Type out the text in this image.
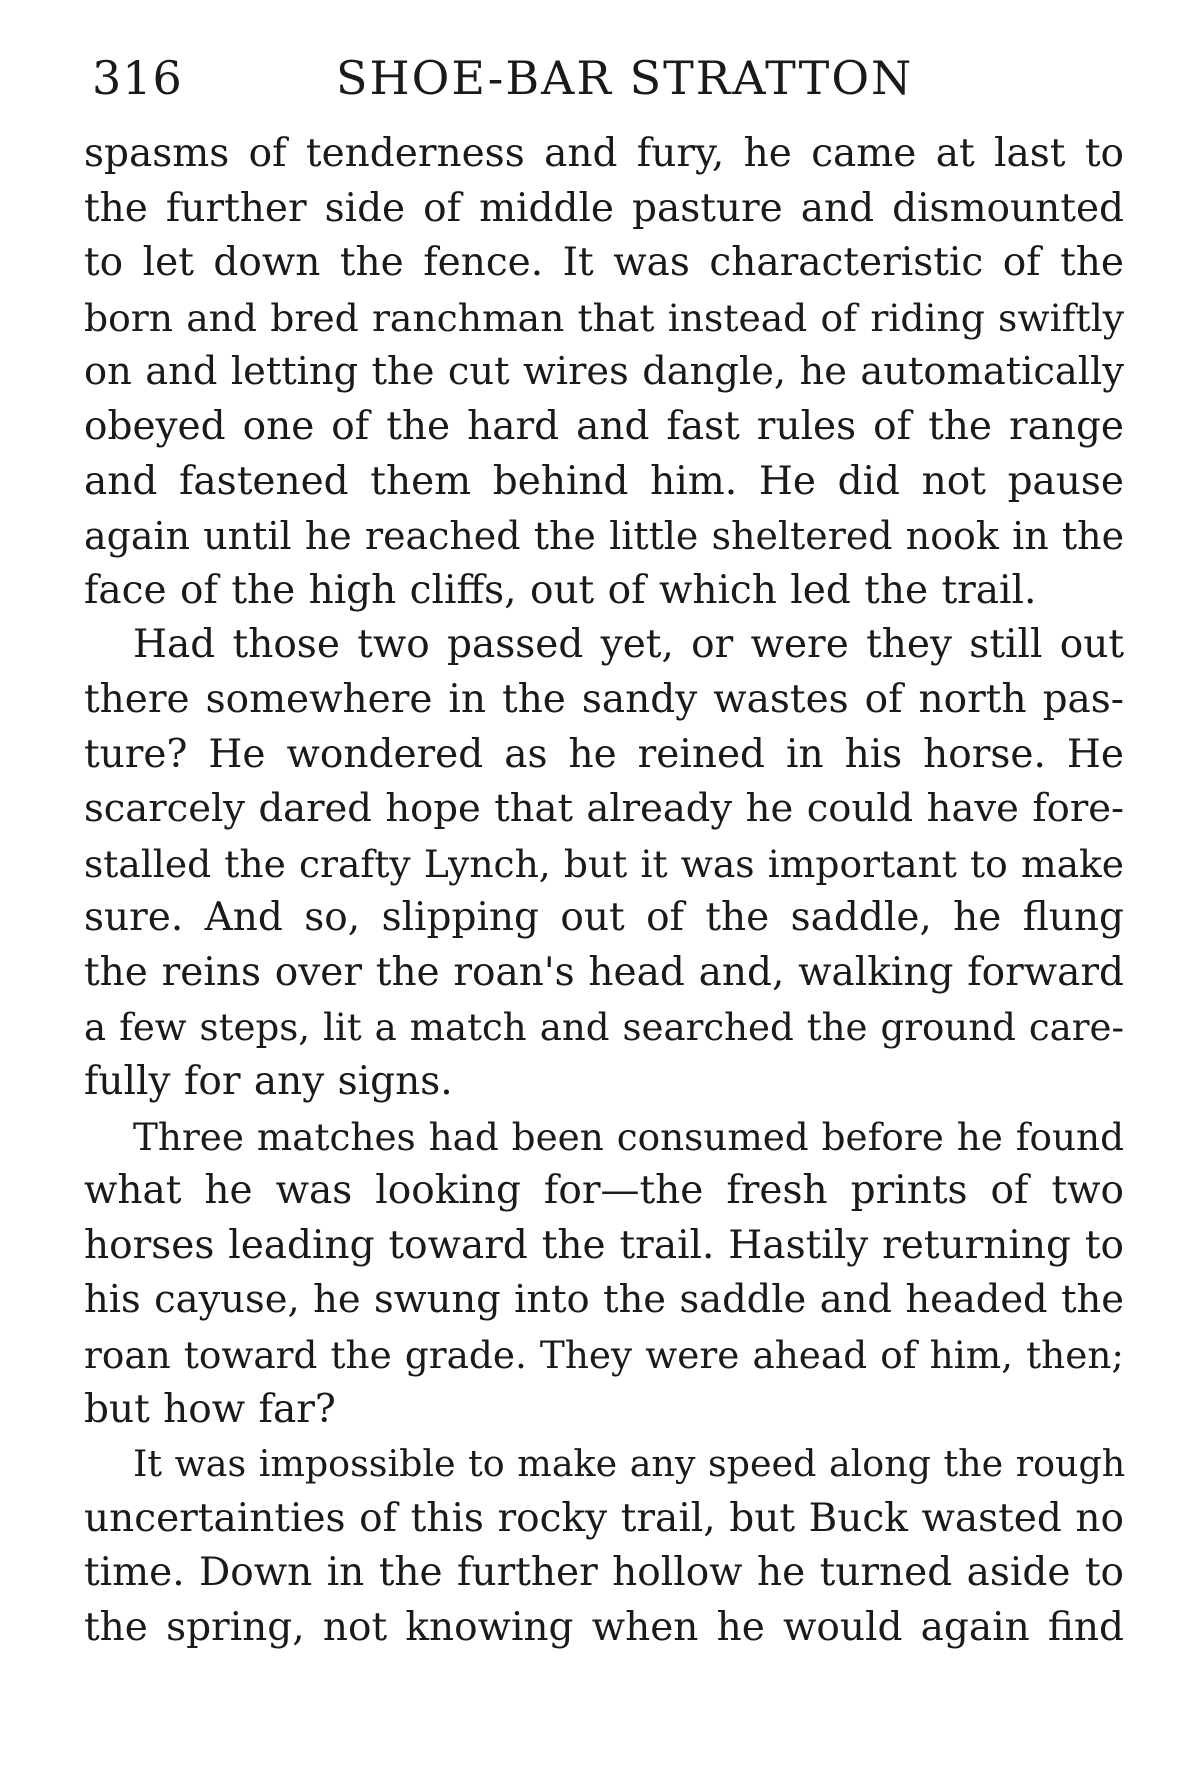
316	SHOE-BAR STRATTON
spasms of tenderness and fury, he came at last to
the further side of middle pasture and dismounted
to let down the fence. It was characteristic of the
born and bred ranchman that instead of riding swiftly
on and letting the cut wires dangle, he automatically
obeyed one of the hard and fast rules of the range
and fastened them behind him. He did not pause
again until he reached the little sheltered nook in the
face of the high cliffs, out of which led the trail.
Had those two passed yet, or were they still out
there somewhere in the sandy wastes of north pas-
ture? He wondered as he reined in his horse. He
scarcely dared hope that already he could have fore-
stalled the crafty Lynch, but it was important to make
sure. And so, slipping out of the saddle, he flung
the reins over the roan's head and, walking forward
a few steps, lit a match and searched the ground care-
fully for any signs.
Three matches had been consumed before he found
what he was looking for—the fresh prints of two
horses leading toward the trail. Hastily returning to
his cayuse, he swung into the saddle and headed the
roan toward the grade. They were ahead of him, then;
but how far?
It was impossible to make any speed along the rough
uncertainties of this rocky trail, but Buck wasted no
time. Down in the further hollow he turned aside to
the spring, not knowing when he would again find
